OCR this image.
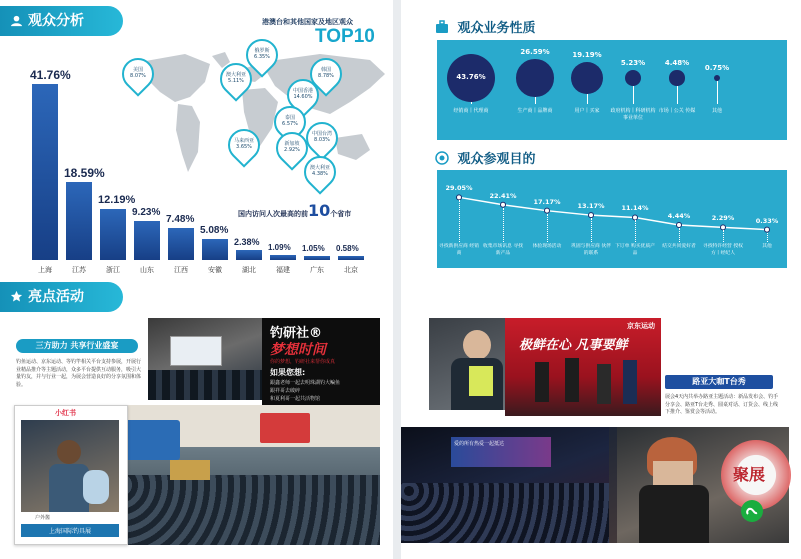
观众分析	港澳台和其他国家及地区观众
TOP10
美国
8.07%
俄罗斯
6.35%
澳大利亚
5.11%
韩国
8.78%
中国香港
14.60%
泰国
6.57%
马来西亚
3.65%	新加坡
2.92%
中国台湾
8.03%
澳大利亚
4.38%
国内访问人次最高的前10个省市
41.76%
上海
18.59%
江苏
12.19%
浙江
9.23%
山东
7.48%
江西
5.08%
安徽
2.38%
湖北
1.09%
福建
1.05%
广东
0.58%
北京
亮点活动
三方助力 共享行业盛宴
钓鱼运动、京东运动、等钓竿相关平台支持参展，开展行业精品推介等主题活动，众多平台提供互动服务，吸引大量钓友，并与行业一起，为展会营造良好的分享氛围和体验。
钓研社®
梦想时间
你的梦想，钓研社来帮你成真
如果您想:
跟鑫老师一起去明珠湖钓大鳊鱼
跟祥哥去破碎
和夏利哥一起共活物馆
小红书
户外酱
上海国际钓具展
观众业务性质
43.76%
经销商丨代理商
26.59%
生产商丨品牌商
19.19%
用户丨买家
5.23%
政府机构丨科研机构 事业单位
4.48%
市场丨公关 传媒
0.75%
其他
观众参观目的
29.05%
寻找新供应商 经销商
22.41%
收集市场讯息 寻找新产品
17.17%
体验现场活动
13.17%
巩固与供应商 伙伴的联系
11.14%
下订单 购买优质产品
4.44%
结交共同爱好者
2.29%
寻找特许经营 授权方丨经纪人
0.33%
其他
京东运动
极鲜在心 凡事要鲜
路亚大咖T台秀
展会4天内共举办路亚主题活动：新品发布会、钓手分享会、路亚T台走秀、圆桌对话、订货会、线上线下推介、鉴赏会等活动。
爱的所有热爱一起抵达
聚展
